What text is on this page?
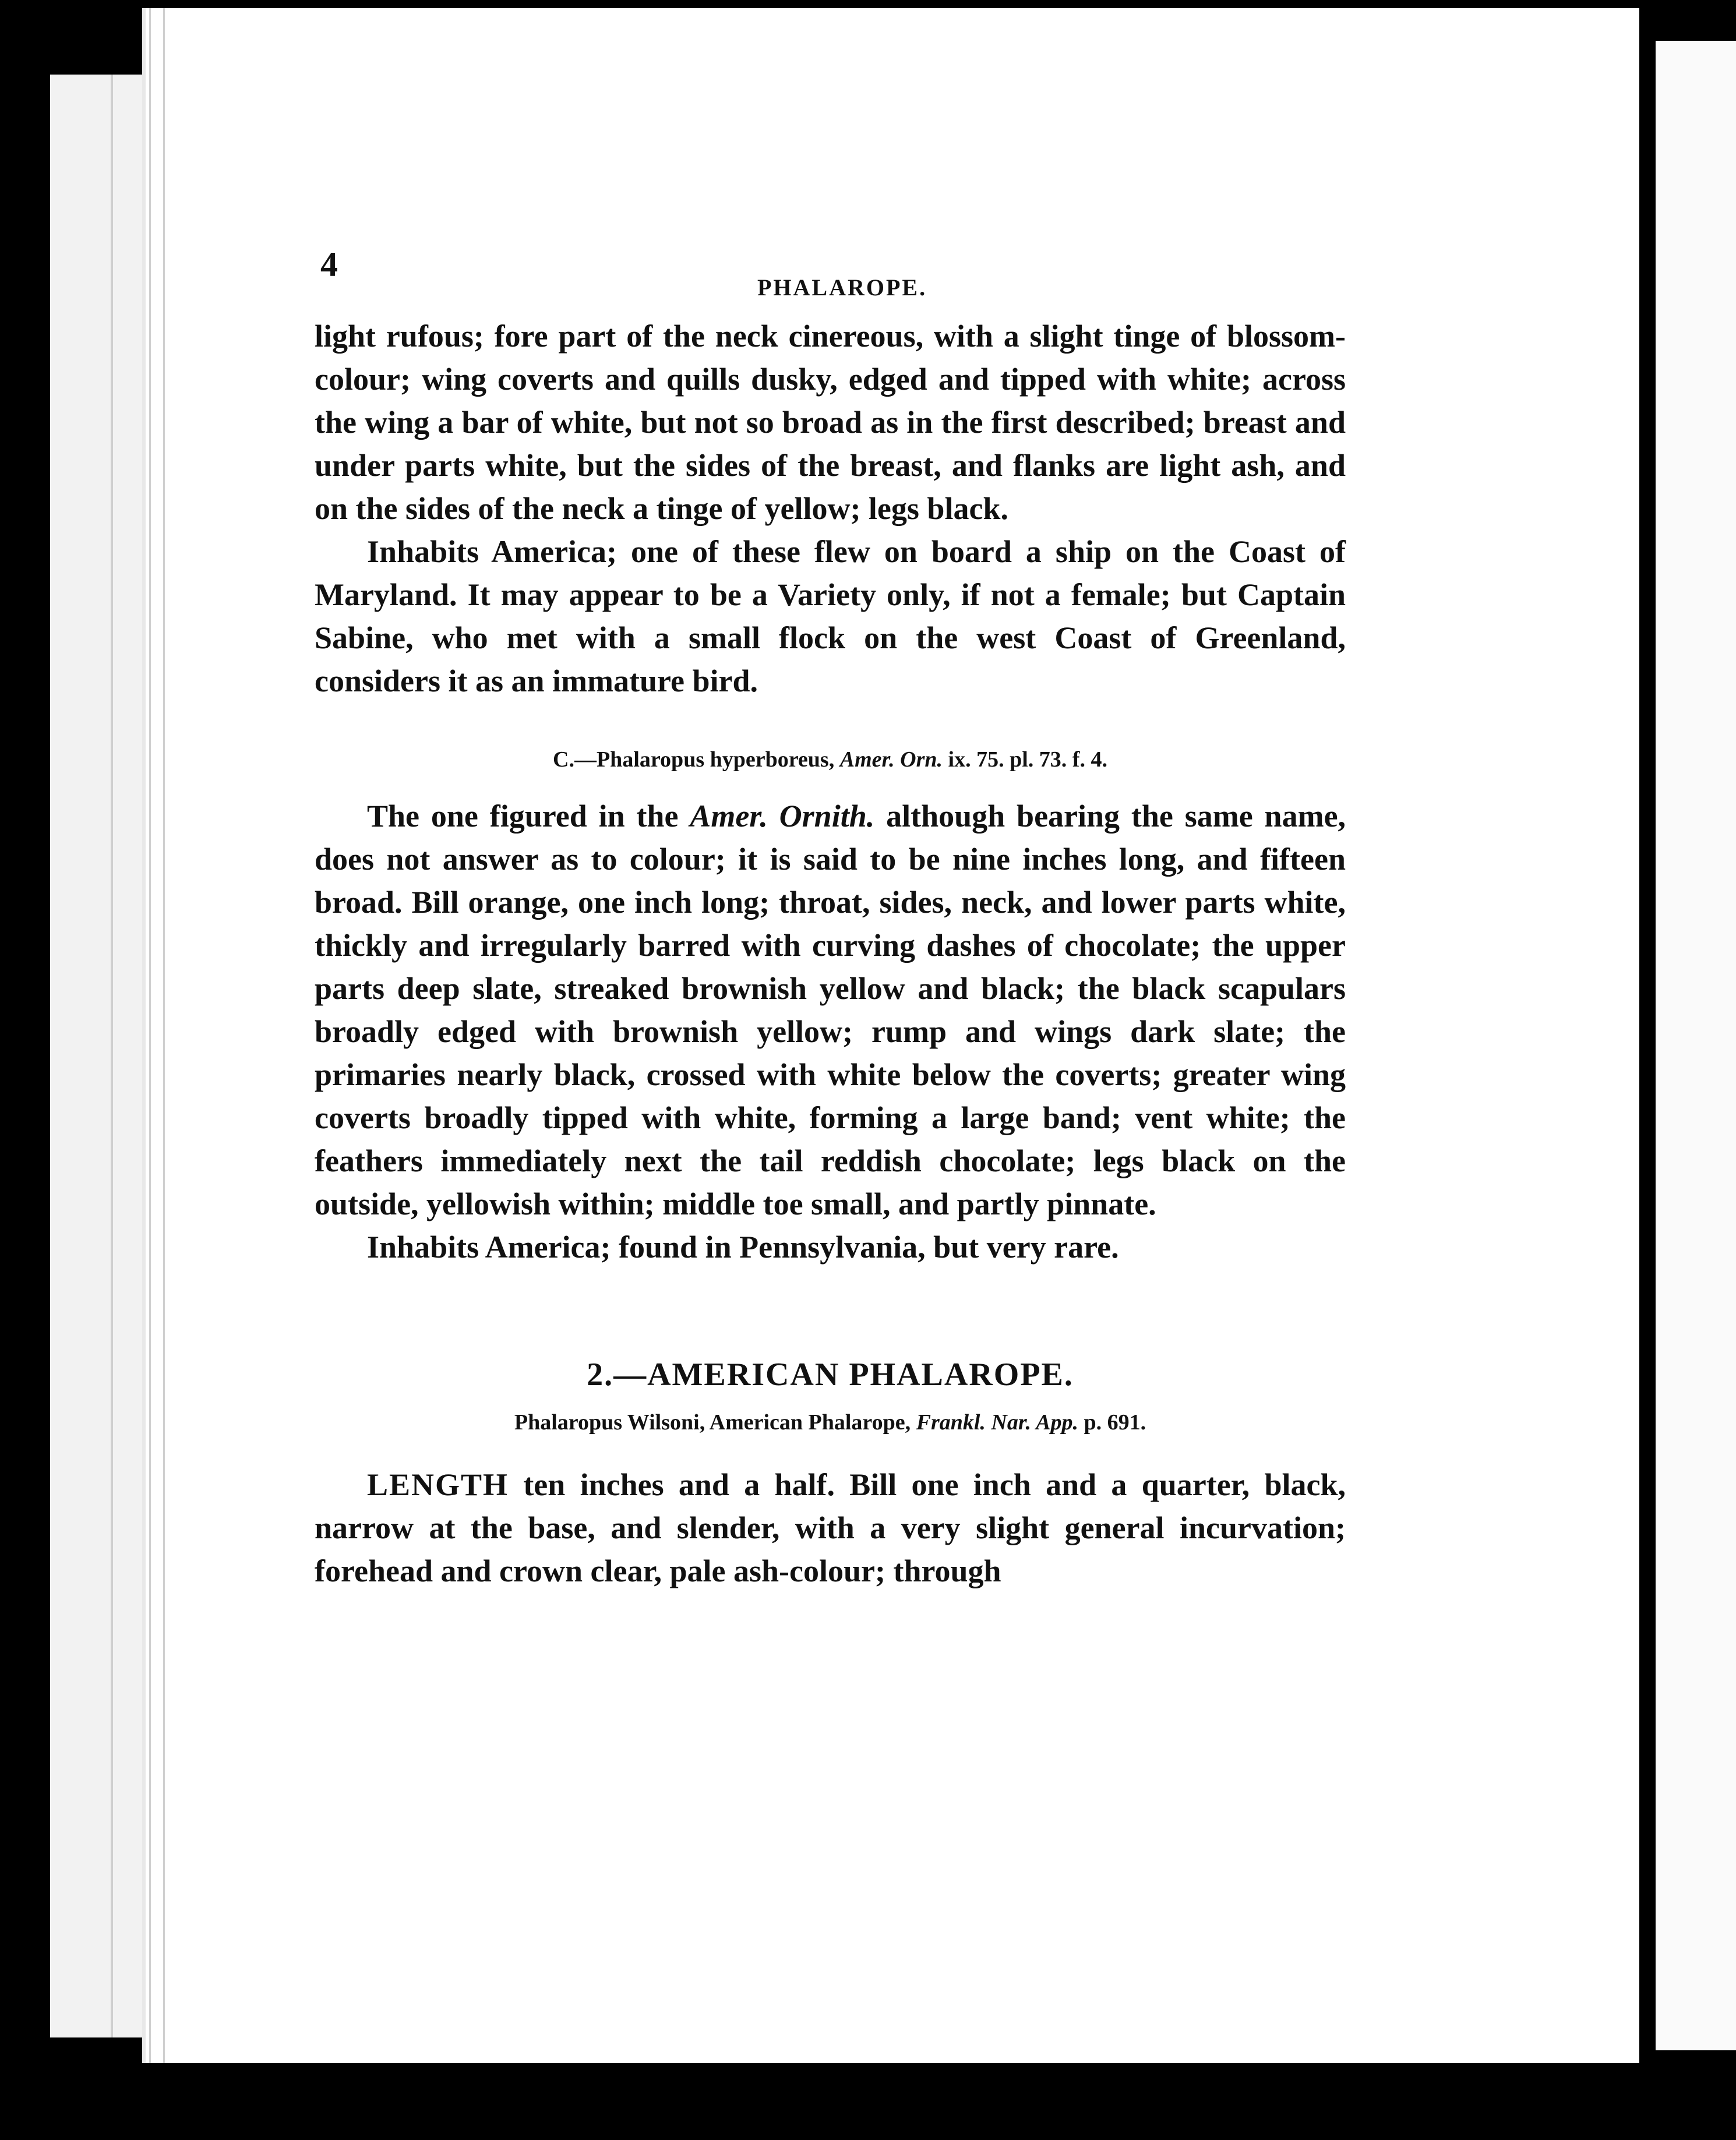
4
PHALAROPE.

light rufous; fore part of the neck cinereous, with a slight tinge of blossom-colour; wing coverts and quills dusky, edged and tipped with white; across the wing a bar of white, but not so broad as in the first described; breast and under parts white, but the sides of the breast, and flanks are light ash, and on the sides of the neck a tinge of yellow; legs black.

Inhabits America; one of these flew on board a ship on the Coast of Maryland. It may appear to be a Variety only, if not a female; but Captain Sabine, who met with a small flock on the west Coast of Greenland, considers it as an immature bird.

C.—Phalaropus hyperboreus, Amer. Orn. ix. 75. pl. 73. f. 4.

The one figured in the Amer. Ornith. although bearing the same name, does not answer as to colour; it is said to be nine inches long, and fifteen broad. Bill orange, one inch long; throat, sides, neck, and lower parts white, thickly and irregularly barred with curving dashes of chocolate; the upper parts deep slate, streaked brownish yellow and black; the black scapulars broadly edged with brownish yellow; rump and wings dark slate; the primaries nearly black, crossed with white below the coverts; greater wing coverts broadly tipped with white, forming a large band; vent white; the feathers immediately next the tail reddish chocolate; legs black on the outside, yellowish within; middle toe small, and partly pinnate.

Inhabits America; found in Pennsylvania, but very rare.

2.—AMERICAN PHALAROPE.
Phalaropus Wilsoni, American Phalarope, Frankl. Nar. App. p. 691.

LENGTH ten inches and a half. Bill one inch and a quarter, black, narrow at the base, and slender, with a very slight general incurvation; forehead and crown clear, pale ash-colour; through
